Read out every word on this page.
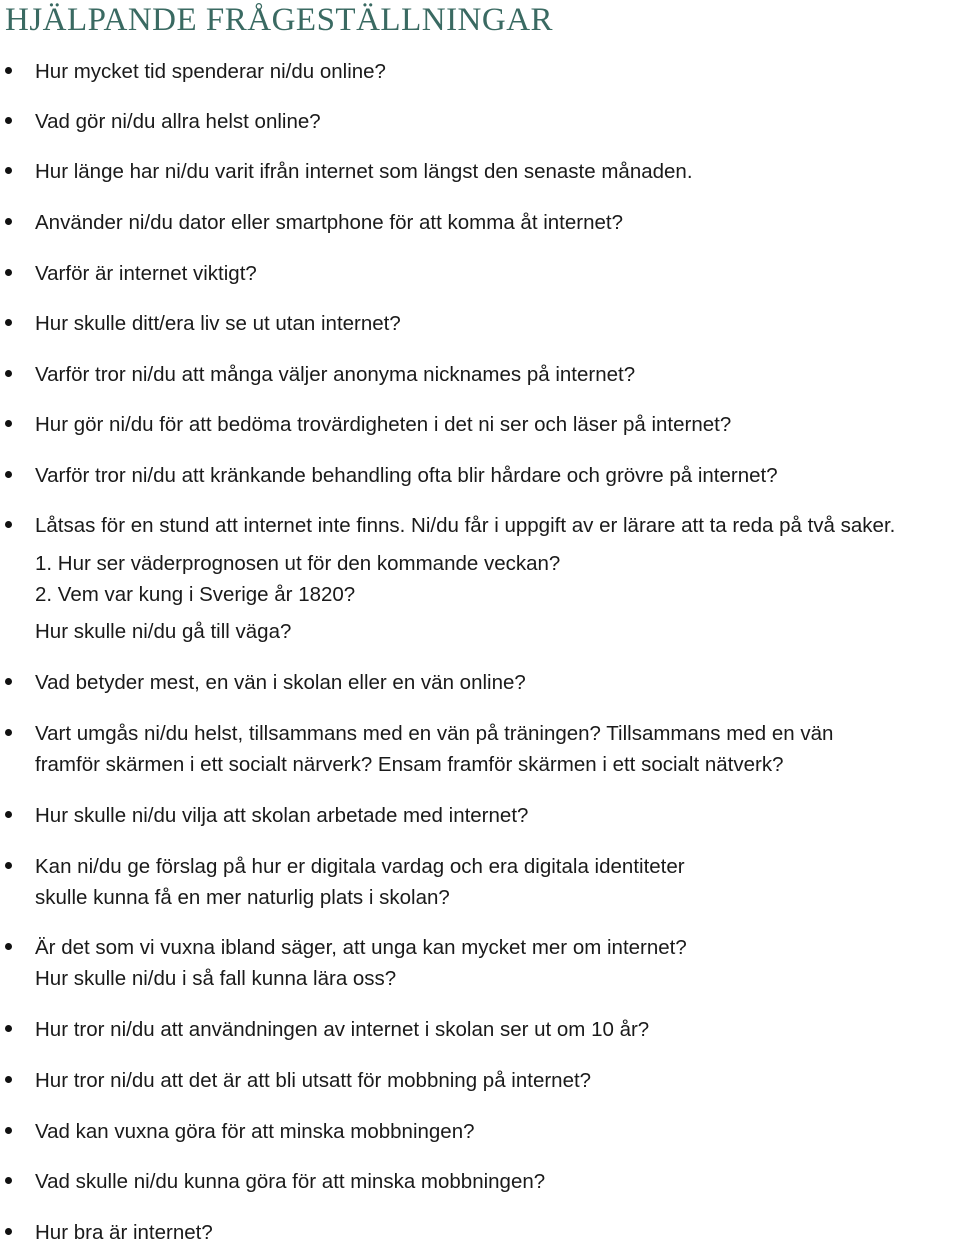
HJÄLPANDE FRÅGESTÄLLNINGAR
Hur mycket tid spenderar ni/du online?
Vad gör ni/du allra helst online?
Hur länge har ni/du varit ifrån internet som längst den senaste månaden.
Använder ni/du dator eller smartphone för att komma åt internet?
Varför är internet viktigt?
Hur skulle ditt/era liv se ut utan internet?
Varför tror ni/du att många väljer anonyma nicknames på internet?
Hur gör ni/du för att bedöma trovärdigheten i det ni ser och läser på internet?
Varför tror ni/du att kränkande behandling ofta blir hårdare och grövre på internet?
Låtsas för en stund att internet inte finns. Ni/du får i uppgift av er lärare att ta reda på två saker.
1. Hur ser väderprognosen ut för den kommande veckan?
2. Vem var kung i Sverige år 1820?
Hur skulle ni/du gå till väga?
Vad betyder mest, en vän i skolan eller en vän online?
Vart umgås ni/du helst, tillsammans med en vän på träningen? Tillsammans med en vän
framför skärmen i ett socialt närverk? Ensam framför skärmen i ett socialt nätverk?
Hur skulle ni/du vilja att skolan arbetade med internet?
Kan ni/du ge förslag på hur er digitala vardag och era digitala identiteter
skulle kunna få en mer naturlig plats i skolan?
Är det som vi vuxna ibland säger, att unga kan mycket mer om internet?
Hur skulle ni/du i så fall kunna lära oss?
Hur tror ni/du att användningen av internet i skolan ser ut om 10 år?
Hur tror ni/du att det är att bli utsatt för mobbning på internet?
Vad kan vuxna göra för att minska mobbningen?
Vad skulle ni/du kunna göra för att minska mobbningen?
Hur bra är internet?
